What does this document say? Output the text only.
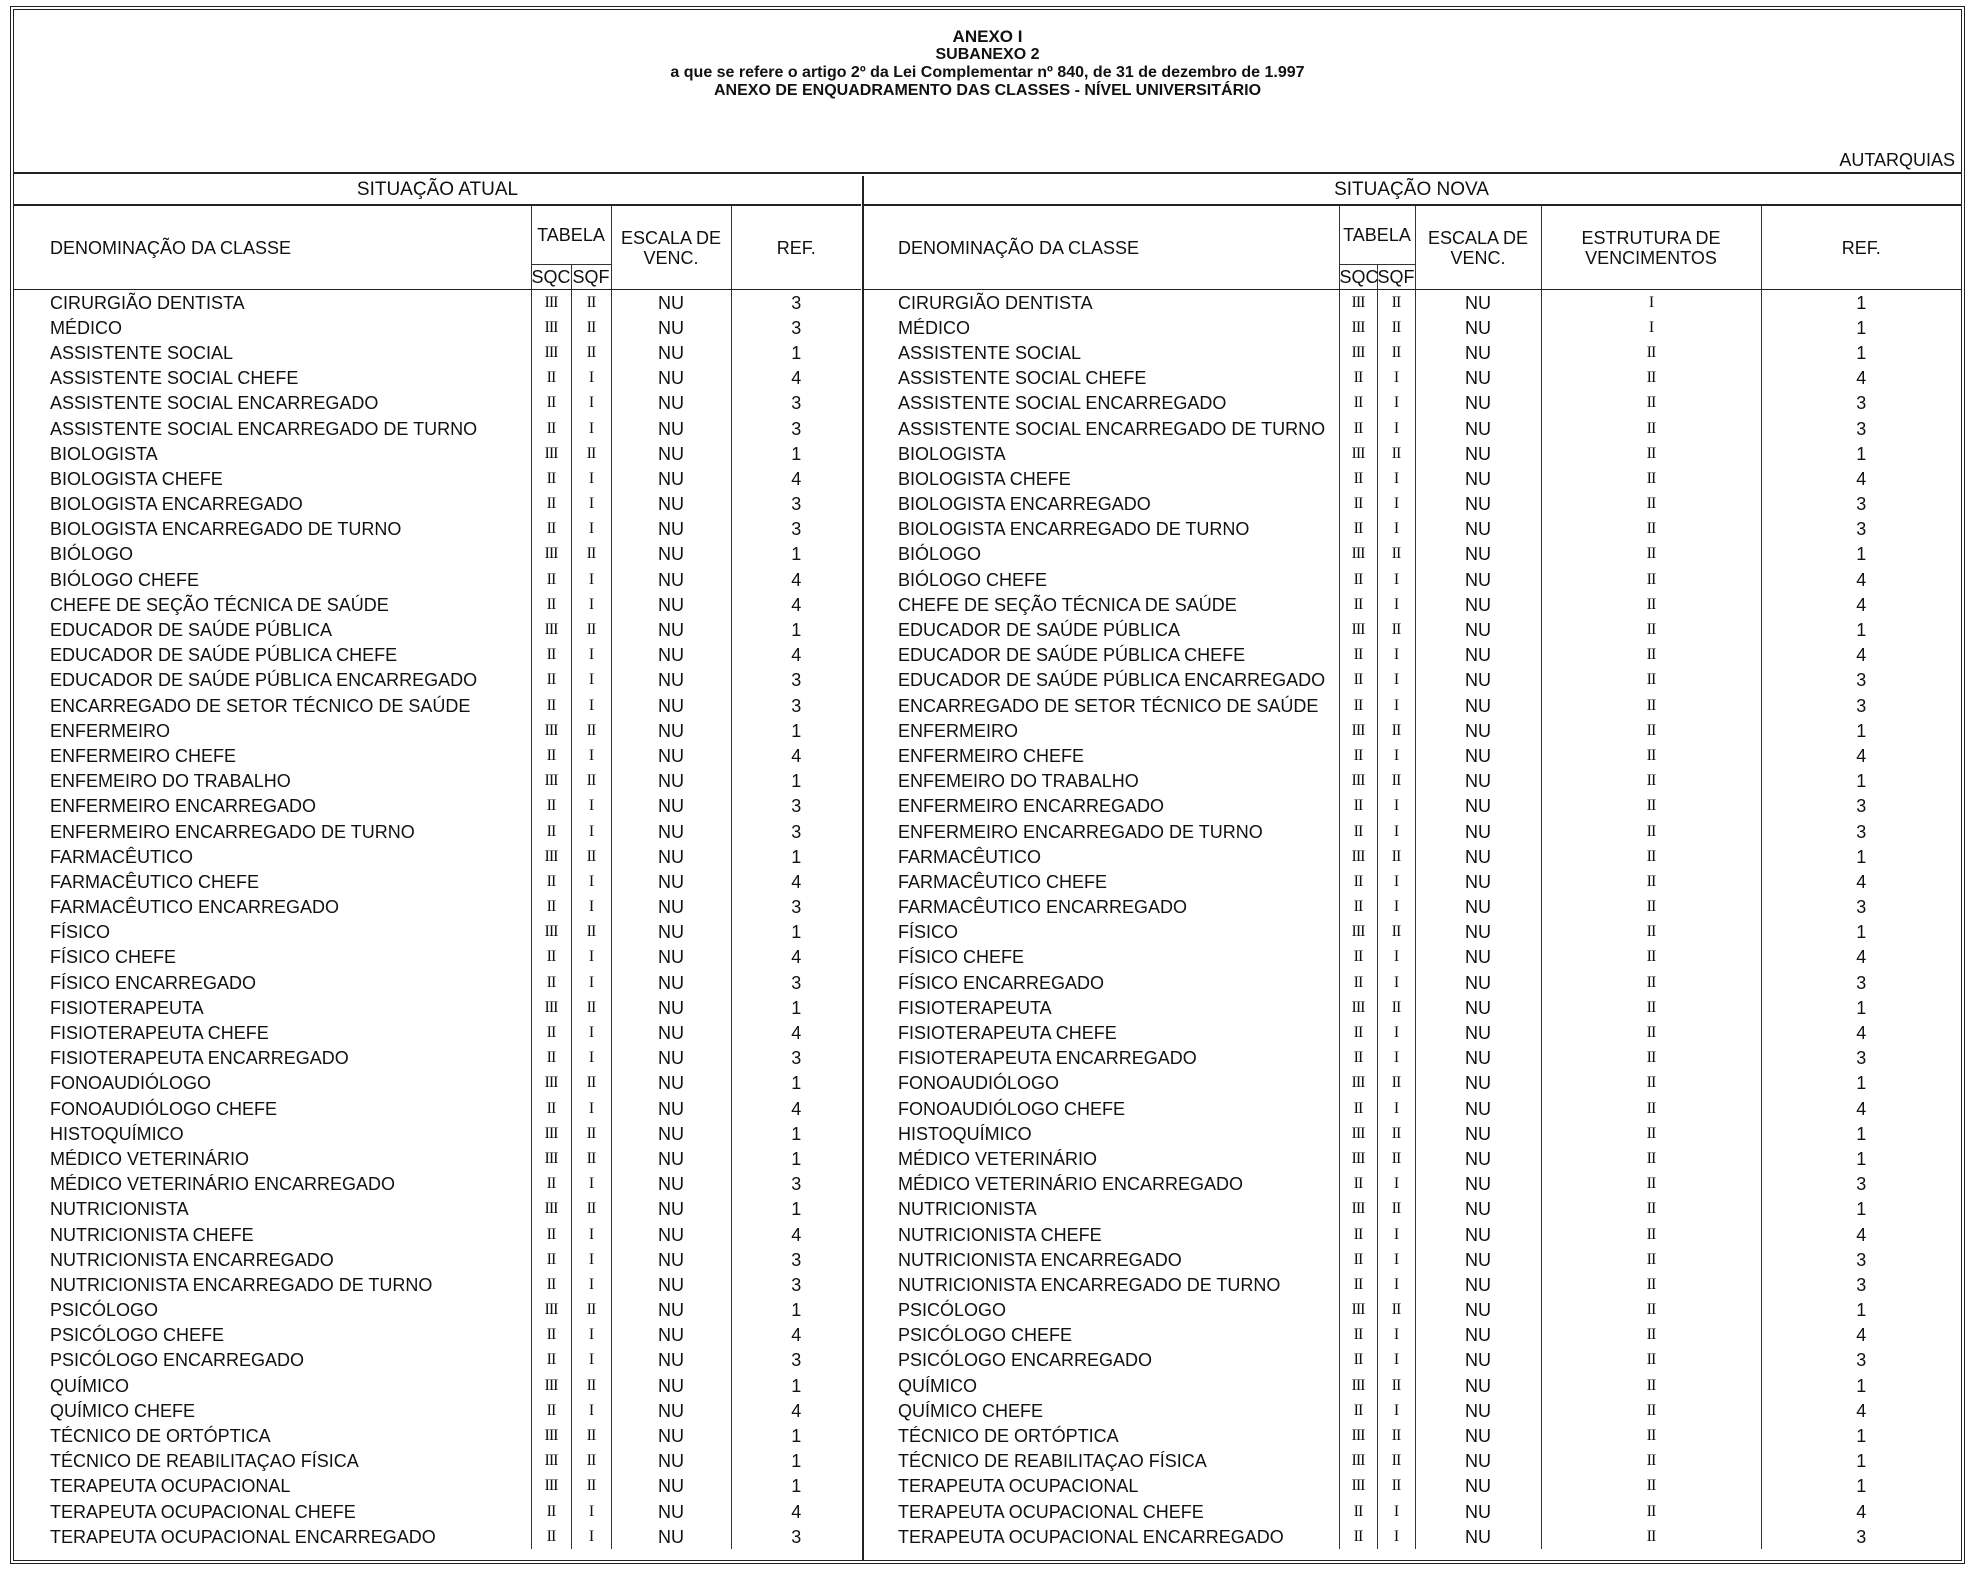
ANEXO I
SUBANEXO 2
a que se refere o artigo 2º da Lei Complementar nº 840, de 31 de dezembro de 1.997
ANEXO DE ENQUADRAMENTO DAS CLASSES - NÍVEL UNIVERSITÁRIO
AUTARQUIAS
SITUAÇÃO ATUAL				
DENOMINAÇÃO DA CLASSE	TABELA		ESCALA DE VENC.	REF.
	SQC	SQF		
CIRURGIÃO DENTISTA	III	II	NU	3
MÉDICO	III	II	NU	3
ASSISTENTE SOCIAL	III	II	NU	1
ASSISTENTE SOCIAL CHEFE	II	I	NU	4
ASSISTENTE SOCIAL ENCARREGADO	II	I	NU	3
ASSISTENTE SOCIAL ENCARREGADO DE TURNO	II	I	NU	3
BIOLOGISTA	III	II	NU	1
BIOLOGISTA CHEFE	II	I	NU	4
BIOLOGISTA ENCARREGADO	II	I	NU	3
BIOLOGISTA ENCARREGADO DE TURNO	II	I	NU	3
BIÓLOGO	III	II	NU	1
BIÓLOGO CHEFE	II	I	NU	4
CHEFE DE SEÇÃO TÉCNICA DE SAÚDE	II	I	NU	4
EDUCADOR DE SAÚDE PÚBLICA	III	II	NU	1
EDUCADOR DE SAÚDE PÚBLICA CHEFE	II	I	NU	4
EDUCADOR DE SAÚDE PÚBLICA ENCARREGADO	II	I	NU	3
ENCARREGADO DE SETOR TÉCNICO DE SAÚDE	II	I	NU	3
ENFERMEIRO	III	II	NU	1
ENFERMEIRO CHEFE	II	I	NU	4
ENFEMEIRO DO TRABALHO	III	II	NU	1
ENFERMEIRO ENCARREGADO	II	I	NU	3
ENFERMEIRO ENCARREGADO DE TURNO	II	I	NU	3
FARMACÊUTICO	III	II	NU	1
FARMACÊUTICO CHEFE	II	I	NU	4
FARMACÊUTICO ENCARREGADO	II	I	NU	3
FÍSICO	III	II	NU	1
FÍSICO CHEFE	II	I	NU	4
FÍSICO ENCARREGADO	II	I	NU	3
FISIOTERAPEUTA	III	II	NU	1
FISIOTERAPEUTA CHEFE	II	I	NU	4
FISIOTERAPEUTA ENCARREGADO	II	I	NU	3
FONOAUDIÓLOGO	III	II	NU	1
FONOAUDIÓLOGO CHEFE	II	I	NU	4
HISTOQUÍMICO	III	II	NU	1
MÉDICO VETERINÁRIO	III	II	NU	1
MÉDICO VETERINÁRIO ENCARREGADO	II	I	NU	3
NUTRICIONISTA	III	II	NU	1
NUTRICIONISTA CHEFE	II	I	NU	4
NUTRICIONISTA ENCARREGADO	II	I	NU	3
NUTRICIONISTA ENCARREGADO DE TURNO	II	I	NU	3
PSICÓLOGO	III	II	NU	1
PSICÓLOGO CHEFE	II	I	NU	4
PSICÓLOGO ENCARREGADO	II	I	NU	3
QUÍMICO	III	II	NU	1
QUÍMICO CHEFE	II	I	NU	4
TÉCNICO DE ORTÓPTICA	III	II	NU	1
TÉCNICO DE REABILITAÇAO FÍSICA	III	II	NU	1
TERAPEUTA OCUPACIONAL	III	II	NU	1
TERAPEUTA OCUPACIONAL CHEFE	II	I	NU	4
TERAPEUTA OCUPACIONAL ENCARREGADO	II	I	NU	3
SITUAÇÃO NOVA					
DENOMINAÇÃO DA CLASSE	TABELA		ESCALA DE VENC.	ESTRUTURA DE VENCIMENTOS	REF.
	SQC	SQF			
CIRURGIÃO DENTISTA	III	II	NU	I	1
MÉDICO	III	II	NU	I	1
ASSISTENTE SOCIAL	III	II	NU	II	1
ASSISTENTE SOCIAL CHEFE	II	I	NU	II	4
ASSISTENTE SOCIAL ENCARREGADO	II	I	NU	II	3
ASSISTENTE SOCIAL ENCARREGADO DE TURNO	II	I	NU	II	3
BIOLOGISTA	III	II	NU	II	1
BIOLOGISTA CHEFE	II	I	NU	II	4
BIOLOGISTA ENCARREGADO	II	I	NU	II	3
BIOLOGISTA ENCARREGADO DE TURNO	II	I	NU	II	3
BIÓLOGO	III	II	NU	II	1
BIÓLOGO CHEFE	II	I	NU	II	4
CHEFE DE SEÇÃO TÉCNICA DE SAÚDE	II	I	NU	II	4
EDUCADOR DE SAÚDE PÚBLICA	III	II	NU	II	1
EDUCADOR DE SAÚDE PÚBLICA CHEFE	II	I	NU	II	4
EDUCADOR DE SAÚDE PÚBLICA ENCARREGADO	II	I	NU	II	3
ENCARREGADO DE SETOR TÉCNICO DE SAÚDE	II	I	NU	II	3
ENFERMEIRO	III	II	NU	II	1
ENFERMEIRO CHEFE	II	I	NU	II	4
ENFEMEIRO DO TRABALHO	III	II	NU	II	1
ENFERMEIRO ENCARREGADO	II	I	NU	II	3
ENFERMEIRO ENCARREGADO DE TURNO	II	I	NU	II	3
FARMACÊUTICO	III	II	NU	II	1
FARMACÊUTICO CHEFE	II	I	NU	II	4
FARMACÊUTICO ENCARREGADO	II	I	NU	II	3
FÍSICO	III	II	NU	II	1
FÍSICO CHEFE	II	I	NU	II	4
FÍSICO ENCARREGADO	II	I	NU	II	3
FISIOTERAPEUTA	III	II	NU	II	1
FISIOTERAPEUTA CHEFE	II	I	NU	II	4
FISIOTERAPEUTA ENCARREGADO	II	I	NU	II	3
FONOAUDIÓLOGO	III	II	NU	II	1
FONOAUDIÓLOGO CHEFE	II	I	NU	II	4
HISTOQUÍMICO	III	II	NU	II	1
MÉDICO VETERINÁRIO	III	II	NU	II	1
MÉDICO VETERINÁRIO ENCARREGADO	II	I	NU	II	3
NUTRICIONISTA	III	II	NU	II	1
NUTRICIONISTA CHEFE	II	I	NU	II	4
NUTRICIONISTA ENCARREGADO	II	I	NU	II	3
NUTRICIONISTA ENCARREGADO DE TURNO	II	I	NU	II	3
PSICÓLOGO	III	II	NU	II	1
PSICÓLOGO CHEFE	II	I	NU	II	4
PSICÓLOGO ENCARREGADO	II	I	NU	II	3
QUÍMICO	III	II	NU	II	1
QUÍMICO CHEFE	II	I	NU	II	4
TÉCNICO DE ORTÓPTICA	III	II	NU	II	1
TÉCNICO DE REABILITAÇAO FÍSICA	III	II	NU	II	1
TERAPEUTA OCUPACIONAL	III	II	NU	II	1
TERAPEUTA OCUPACIONAL CHEFE	II	I	NU	II	4
TERAPEUTA OCUPACIONAL ENCARREGADO	II	I	NU	II	3
